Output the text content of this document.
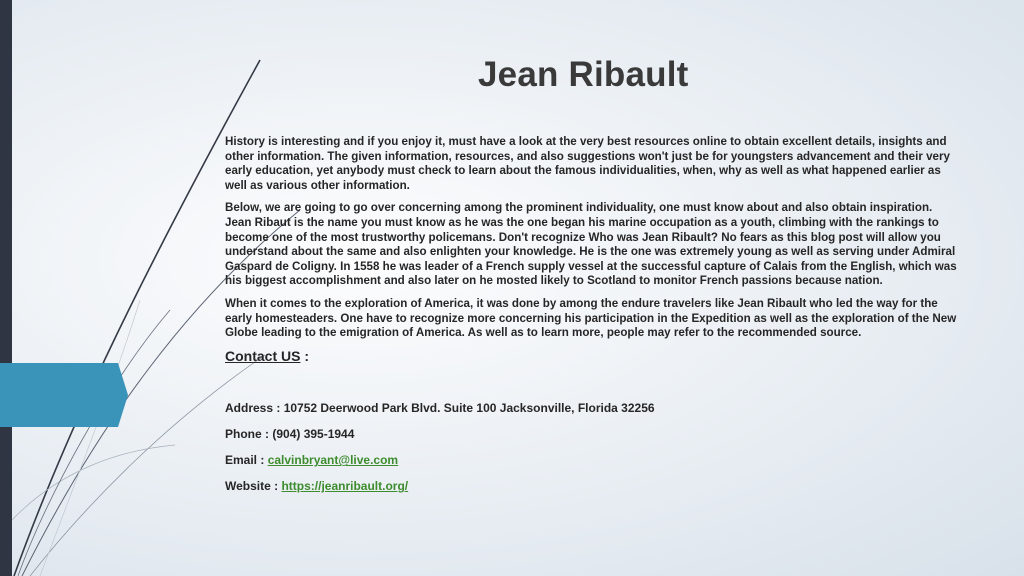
Jean Ribault

History is interesting and if you enjoy it, must have a look at the very best resources online to obtain excellent details, insights and other information. The given information, resources, and also suggestions won't just be for youngsters advancement and their very early education, yet anybody must check to learn about the famous individualities, when, why as well as what happened earlier as well as various other information.

Below, we are going to go over concerning among the prominent individuality, one must know about and also obtain inspiration. Jean Ribaut is the name you must know as he was the one began his marine occupation as a youth, climbing with the rankings to become one of the most trustworthy policemans. Don't recognize Who was Jean Ribault? No fears as this blog post will allow you understand about the same and also enlighten your knowledge. He is the one was extremely young as well as serving under Admiral Gaspard de Coligny. In 1558 he was leader of a French supply vessel at the successful capture of Calais from the English, which was his biggest accomplishment and also later on he mosted likely to Scotland to monitor French passions because nation.

When it comes to the exploration of America, it was done by among the endure travelers like Jean Ribault who led the way for the early homesteaders. One have to recognize more concerning his participation in the Expedition as well as the exploration of the New Globe leading to the emigration of America. As well as to learn more, people may refer to the recommended source.

Contact US :
Address : 10752 Deerwood Park Blvd. Suite 100 Jacksonville, Florida 32256
Phone : (904) 395-1944
Email : calvinbryant@live.com
Website : https://jeanribault.org/
